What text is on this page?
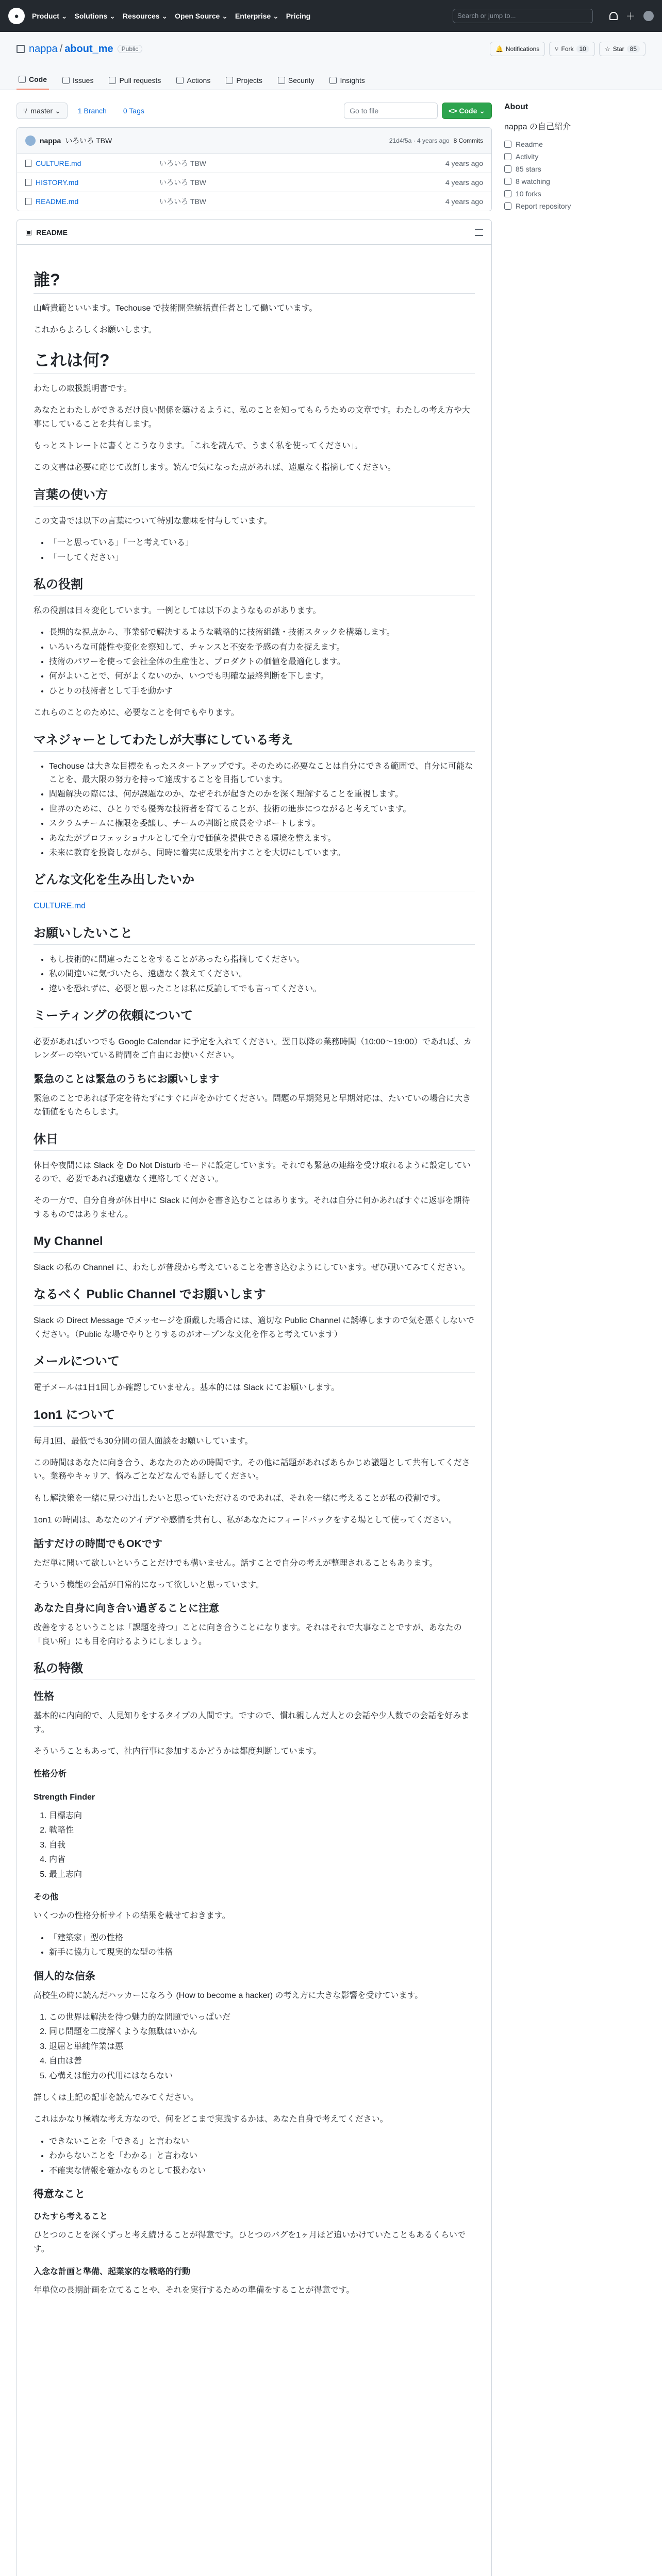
●	Product ⌄ Solutions ⌄ Resources ⌄ Open Source ⌄ Enterprise ⌄ Pricing	Search or jump to...	＋
nappa / about_me	Public	🔔 Notifications	⑂ Fork 10	☆ Star 85
Code	Issues	Pull requests	Actions	Projects	Security	Insights
⑂ master ⌄	1 Branch	0 Tags	Go to file	<> Code ⌄
nappa いろいろ TBW	21d4f5a · 4 years ago 8 Commits
CULTURE.md	いろいろ TBW	4 years ago
HISTORY.md	いろいろ TBW	4 years ago
README.md	いろいろ TBW	4 years ago
▣ README
誰?

山崎貴範といいます。Techouse で技術開発統括責任者として働いています。

これからよろしくお願いします。

これは何?

わたしの取扱説明書です。

あなたとわたしができるだけ良い関係を築けるように、私のことを知ってもらうための文章です。わたしの考え方や大事にしていることを共有します。

もっとストレートに書くとこうなります。「これを読んで、うまく私を使ってください」。

この文書は必要に応じて改訂します。読んで気になった点があれば、遠慮なく指摘してください。

言葉の使い方

この文書では以下の言葉について特別な意味を付与しています。

• 「一と思っている」「一と考えている」
• 「一してください」
私の役割

私の役割は日々変化しています。一例としては以下のようなものがあります。

• 長期的な視点から、事業部で解決するような戦略的に技術組織・技術スタックを構築します。
• いろいろな可能性や変化を察知して、チャンスと不安を予感の有力を捉えます。
• 技術のパワーを使って会社全体の生産性と、プロダクトの価値を最適化します。
• 何がよいことで、何がよくないのか、いつでも明確な最終判断を下します。
• ひとりの技術者として手を動かす

これらのことのために、必要なことを何でもやります。

マネジャーとしてわたしが大事にしている考え
• Techouse は大きな目標をもったスタートアップです。そのために必要なことは自分にできる範囲で、自分に可能なことを、最大限の努力を持って達成することを目指しています。
• 問題解決の際には、何が課題なのか、なぜそれが起きたのかを深く理解することを重視します。
• 世界のために、ひとりでも優秀な技術者を育てることが、技術の進歩につながると考えています。
• スクラムチームに権限を委譲し、チームの判断と成長をサポートします。
• あなたがプロフェッショナルとして全力で価値を提供できる環境を整えます。
• 未来に教育を投資しながら、同時に着実に成果を出すことを大切にしています。
どんな文化を生み出したいか

CULTURE.md

お願いしたいこと
• もし技術的に間違ったことをすることがあったら指摘してください。
• 私の間違いに気づいたら、遠慮なく教えてください。
• 違いを恐れずに、必要と思ったことは私に反論してでも言ってください。
ミーティングの依頼について

必要があればいつでも Google Calendar に予定を入れてください。翌日以降の業務時間（10:00〜19:00）であれば、カレンダーの空いている時間をご自由にお使いください。

緊急のことは緊急のうちにお願いします

緊急のことであれば予定を待たずにすぐに声をかけてください。問題の早期発見と早期対応は、たいていの場合に大きな価値をもたらします。

休日

休日や夜間には Slack を Do Not Disturb モードに設定しています。それでも緊急の連絡を受け取れるように設定しているので、必要であれば遠慮なく連絡してください。

その一方で、自分自身が休日中に Slack に何かを書き込むことはあります。それは自分に何かあればすぐに返事を期待するものではありません。

My Channel

Slack の私の Channel に、わたしが普段から考えていることを書き込むようにしています。ぜひ覗いてみてください。

なるべく Public Channel でお願いします

Slack の Direct Message でメッセージを頂戴した場合には、適切な Public Channel に誘導しますので気を悪くしないでください。（Public な場でやりとりするのがオープンな文化を作ると考えています）

メールについて

電子メールは1日1回しか確認していません。基本的には Slack にてお願いします。

1on1 について

毎月1回、最低でも30分間の個人面談をお願いしています。

この時間はあなたに向き合う、あなたのための時間です。その他に話題があればあらかじめ議題として共有してください。業務やキャリア、悩みごとなどなんでも話してください。

もし解決策を一緒に見つけ出したいと思っていただけるのであれば、それを一緒に考えることが私の役割です。

1on1 の時間は、あなたのアイデアや感情を共有し、私があなたにフィードバックをする場として使ってください。

話すだけの時間でもOKです

ただ単に聞いて欲しいということだけでも構いません。話すことで自分の考えが整理されることもあります。

そういう機能の会話が日常的になって欲しいと思っています。

あなた自身に向き合い過ぎることに注意

改善をするということは「課題を持つ」ことに向き合うことになります。それはそれで大事なことですが、あなたの「良い所」にも目を向けるようにしましょう。

私の特徴
性格

基本的に内向的で、人見知りをするタイプの人間です。ですので、慣れ親しんだ人との会話や少人数での会話を好みます。

そういうこともあって、社内行事に参加するかどうかは都度判断しています。

性格分析
Strength Finder
1. 目標志向
2. 戦略性
3. 自我
4. 内省
5. 最上志向
その他

いくつかの性格分析サイトの結果を載せておきます。

• 「建築家」型の性格
• 新手に協力して現実的な型の性格
個人的な信条

高校生の時に読んだハッカーになろう (How to become a hacker) の考え方に大きな影響を受けています。

1. この世界は解決を待つ魅力的な問題でいっぱいだ
2. 同じ問題を二度解くような無駄はいかん
3. 退屈と単純作業は悪
4. 自由は善
5. 心構えは能力の代用にはならない

詳しくは上記の記事を読んでみてください。

これはかなり極端な考え方なので、何をどこまで実践するかは、あなた自身で考えてください。

• できないことを「できる」と言わない
• わからないことを「わかる」と言わない
• 不確実な情報を確かなものとして扱わない
得意なこと
ひたすら考えること

ひとつのことを深くずっと考え続けることが得意です。ひとつのバグを1ヶ月ほど追いかけていたこともあるくらいです。

入念な計画と準備、起業家的な戦略的行動

年単位の長期計画を立てることや、それを実行するための準備をすることが得意です。

About
nappa の自己紹介
Readme
Activity
85 stars
8 watching
10 forks
Report repository
